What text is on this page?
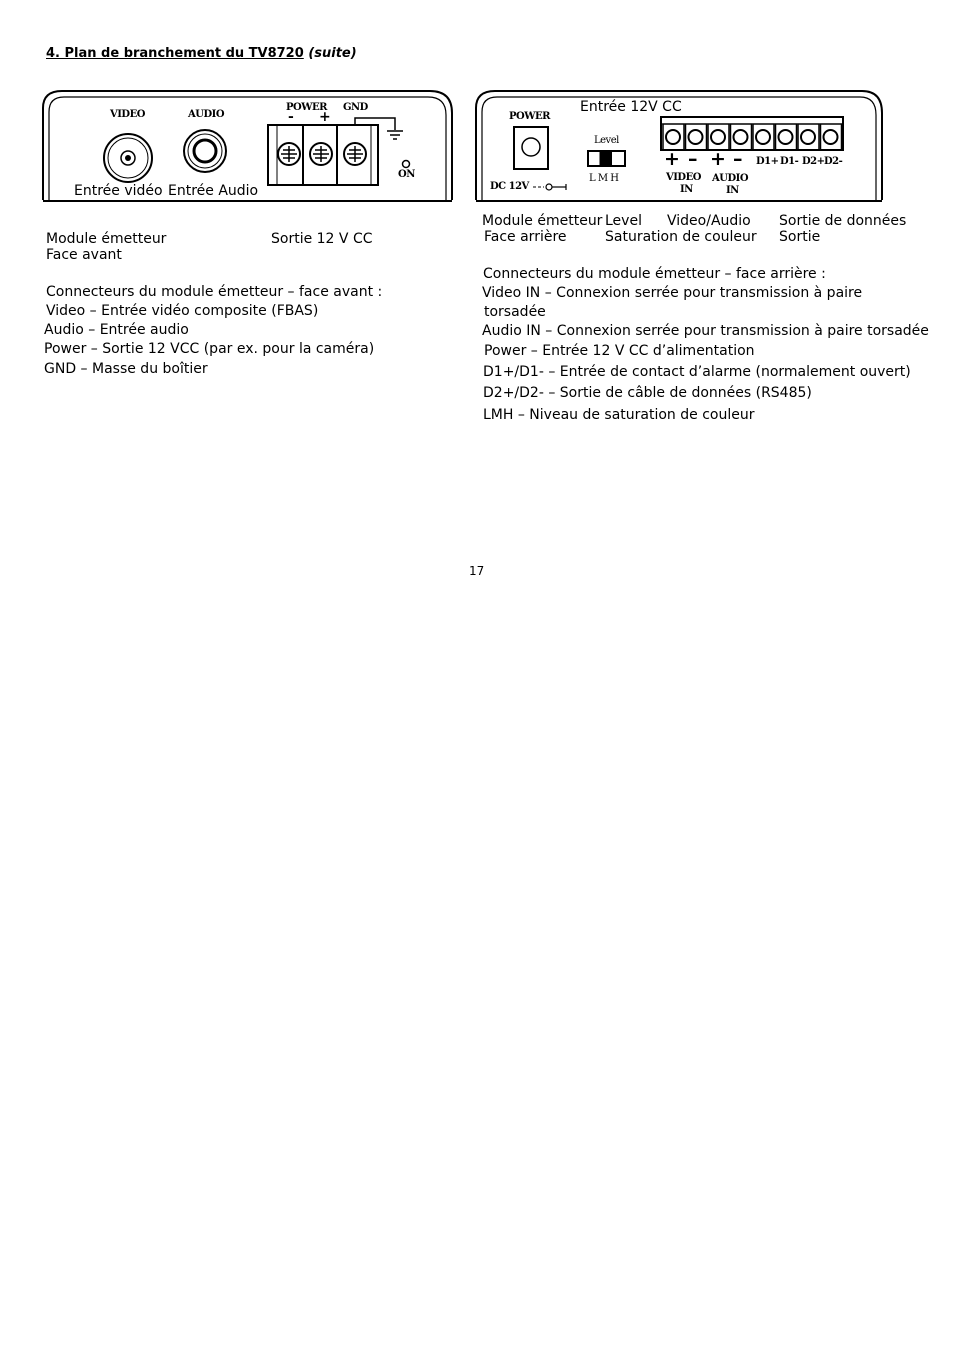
4. Plan de branchement du TV8720 (suite)
VIDEO	AUDIO
POWER GND
- +
ON
Entrée vidéo Entrée Audio
Module émetteur
Face avant
Sortie 12 V CC
Connecteurs du module émetteur – face avant :
Video – Entrée vidéo composite (FBAS)
Audio – Entrée audio
Power – Sortie 12 VCC (par ex. pour la caméra)
GND – Masse du boîtier
POWER
DC 12V
Level
L M H
+ – + – D1+ D1- D2+ D2-
VIDEO
IN
AUDIO
IN
Entrée 12V CC
Module émetteur
Face arrière
Level
Saturation de couleur
Video/Audio Sortie de données
Sortie
Connecteurs du module émetteur – face arrière :
Video IN – Connexion serrée pour transmission à paire
torsadée
Audio IN – Connexion serrée pour transmission à paire torsadée
Power – Entrée 12 V CC d’alimentation
D1+/D1- – Entrée de contact d’alarme (normalement ouvert)
D2+/D2- – Sortie de câble de données (RS485)
LMH – Niveau de saturation de couleur
17
